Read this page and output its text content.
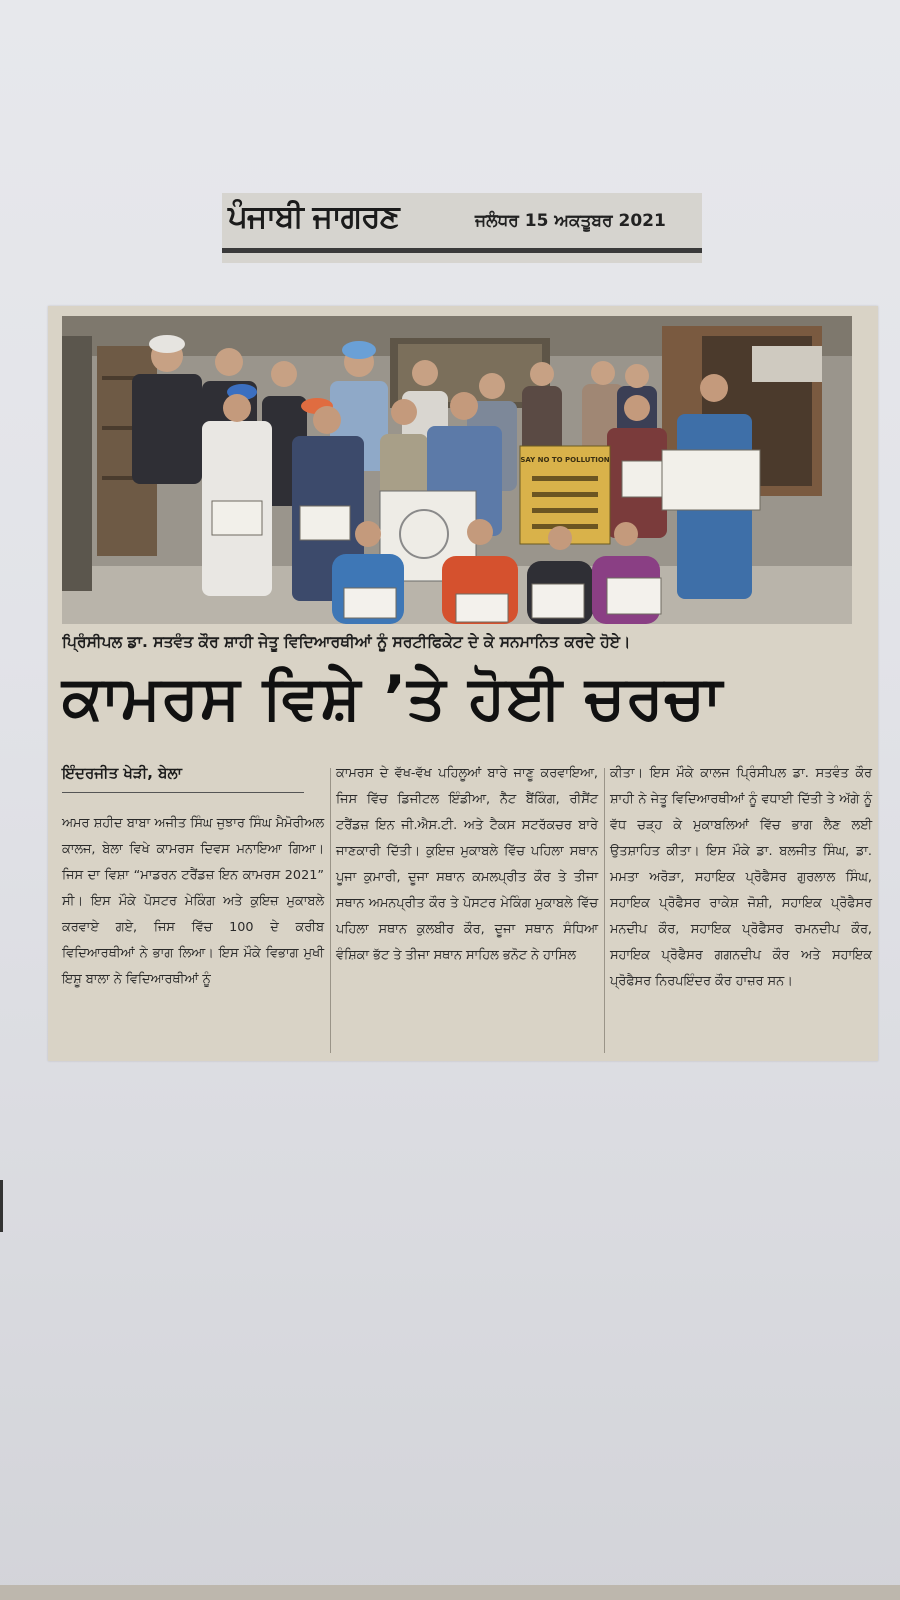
ਪੰਜਾਬੀ ਜਾਗਰਣ	ਜਲੰਧਰ 15 ਅਕਤੂਬਰ 2021
SAY NO TO POLLUTION
ਪ੍ਰਿੰਸੀਪਲ ਡਾ. ਸਤਵੰਤ ਕੌਰ ਸ਼ਾਹੀ ਜੇਤੂ ਵਿਦਿਆਰਥੀਆਂ ਨੂੰ ਸਰਟੀਫਿਕੇਟ ਦੇ ਕੇ ਸਨਮਾਨਿਤ ਕਰਦੇ ਹੋਏ।
ਕਾਮਰਸ ਵਿਸ਼ੇ ’ਤੇ ਹੋਈ ਚਰਚਾ
ਇੰਦਰਜੀਤ ਖੇੜੀ, ਬੇਲਾ
ਅਮਰ ਸ਼ਹੀਦ ਬਾਬਾ ਅਜੀਤ ਸਿੰਘ ਜੁਝਾਰ ਸਿੰਘ ਮੈਮੋਰੀਅਲ ਕਾਲਜ, ਬੇਲਾ ਵਿਖੇ ਕਾਮਰਸ ਦਿਵਸ ਮਨਾਇਆ ਗਿਆ। ਜਿਸ ਦਾ ਵਿਸ਼ਾ “ਮਾਡਰਨ ਟਰੈਂਡਜ਼ ਇਨ ਕਾਮਰਸ 2021” ਸੀ। ਇਸ ਮੌਕੇ ਪੋਸਟਰ ਮੇਕਿੰਗ ਅਤੇ ਕੁਇਜ਼ ਮੁਕਾਬਲੇ ਕਰਵਾਏ ਗਏ, ਜਿਸ ਵਿੱਚ 100 ਦੇ ਕਰੀਬ ਵਿਦਿਆਰਥੀਆਂ ਨੇ ਭਾਗ ਲਿਆ। ਇਸ ਮੌਕੇ ਵਿਭਾਗ ਮੁਖੀ ਇਸ਼ੂ ਬਾਲਾ ਨੇ ਵਿਦਿਆਰਥੀਆਂ ਨੂੰ
ਕਾਮਰਸ ਦੇ ਵੱਖ-ਵੱਖ ਪਹਿਲੂਆਂ ਬਾਰੇ ਜਾਣੂ ਕਰਵਾਇਆ, ਜਿਸ ਵਿੱਚ ਡਿਜੀਟਲ ਇੰਡੀਆ, ਨੈੱਟ ਬੈਂਕਿੰਗ, ਰੀਸੈਂਟ ਟਰੈਂਡਜ਼ ਇਨ ਜੀ.ਐਸ.ਟੀ. ਅਤੇ ਟੈਕਸ ਸਟਰੱਕਚਰ ਬਾਰੇ ਜਾਣਕਾਰੀ ਦਿੱਤੀ। ਕੁਇਜ਼ ਮੁਕਾਬਲੇ ਵਿੱਚ ਪਹਿਲਾ ਸਥਾਨ ਪੂਜਾ ਕੁਮਾਰੀ, ਦੂਜਾ ਸਥਾਨ ਕਮਲਪ੍ਰੀਤ ਕੌਰ ਤੇ ਤੀਜਾ ਸਥਾਨ ਅਮਨਪ੍ਰੀਤ ਕੌਰ ਤੇ ਪੋਸਟਰ ਮੇਕਿੰਗ ਮੁਕਾਬਲੇ ਵਿੱਚ ਪਹਿਲਾ ਸਥਾਨ ਕੁਲਬੀਰ ਕੌਰ, ਦੂਜਾ ਸਥਾਨ ਸੰਧਿਆ ਵੰਸ਼ਿਕਾ ਭੱਟ ਤੇ ਤੀਜਾ ਸਥਾਨ ਸਾਹਿਲ ਭਨੋਟ ਨੇ ਹਾਸਿਲ
ਕੀਤਾ। ਇਸ ਮੌਕੇ ਕਾਲਜ ਪ੍ਰਿੰਸੀਪਲ ਡਾ. ਸਤਵੰਤ ਕੌਰ ਸ਼ਾਹੀ ਨੇ ਜੇਤੂ ਵਿਦਿਆਰਥੀਆਂ ਨੂੰ ਵਧਾਈ ਦਿੱਤੀ ਤੇ ਅੱਗੇ ਨੂੰ ਵੱਧ ਚੜ੍ਹ ਕੇ ਮੁਕਾਬਲਿਆਂ ਵਿੱਚ ਭਾਗ ਲੈਣ ਲਈ ਉਤਸ਼ਾਹਿਤ ਕੀਤਾ। ਇਸ ਮੌਕੇ ਡਾ. ਬਲਜੀਤ ਸਿੰਘ, ਡਾ. ਮਮਤਾ ਅਰੋੜਾ, ਸਹਾਇਕ ਪ੍ਰੋਫੈਸਰ ਗੁਰਲਾਲ ਸਿੰਘ, ਸਹਾਇਕ ਪ੍ਰੋਫੈਸਰ ਰਾਕੇਸ਼ ਜੋਸ਼ੀ, ਸਹਾਇਕ ਪ੍ਰੋਫੈਸਰ ਮਨਦੀਪ ਕੌਰ, ਸਹਾਇਕ ਪ੍ਰੋਫੈਸਰ ਰਮਨਦੀਪ ਕੌਰ, ਸਹਾਇਕ ਪ੍ਰੋਫੈਸਰ ਗਗਨਦੀਪ ਕੌਰ ਅਤੇ ਸਹਾਇਕ ਪ੍ਰੋਫੈਸਰ ਨਿਰਪਇੰਦਰ ਕੌਰ ਹਾਜ਼ਰ ਸਨ।
